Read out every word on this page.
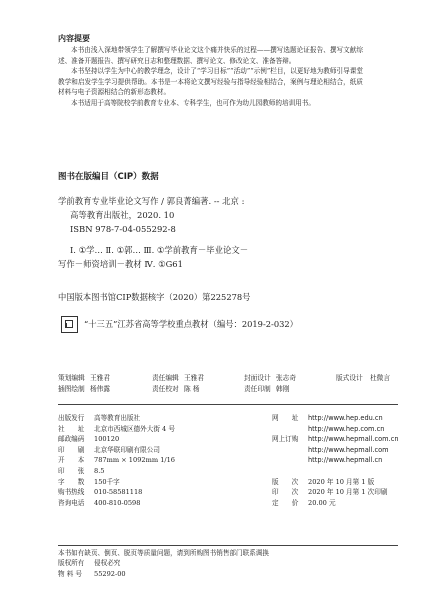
内容提要

本书由浅入深地带领学生了解撰写毕业论文这个痛并快乐的过程——撰写选题论证报告、撰写文献综述、准备开题报告、撰写研究日志和整理数据、撰写论文、修改论文、准备答辩。

本书坚持以学生为中心的教学理念，设计了“学习目标”“活动”“示例”栏目，以更好地为教师引导课堂教学和启发学生学习提供帮助。本书是一本将论文撰写经验与指导经验相结合，案例与理论相结合，纸质材料与电子资源相结合的新形态教材。

本书适用于高等院校学前教育专业本、专科学生，也可作为幼儿园教师的培训用书。

图书在版编目（CIP）数据
学前教育专业毕业论文写作 / 郭良菁编著. -- 北京 :
高等教育出版社，2020. 10
ISBN 978-7-04-055292-8
Ⅰ. ①学… Ⅱ. ①郭… Ⅲ. ①学前教育－毕业论文－
写作－师资培训－教材 Ⅳ. ①G61
中国版本图书馆CIP数据核字（2020）第225278号
“十三五”江苏省高等学校重点教材（编号：2019-2-032）
策划编辑 王雅君	责任编辑 王雅君	封面设计 张志奇	版式设计 杜微言
插图绘制 杨伟露	责任校对 陈 杨	责任印制 韩刚
出版发行 高等教育出版社	网　　址 http://www.hep.edu.cn
社　　址 北京市西城区德外大街 4 号	http://www.hep.com.cn
邮政编码 100120	网上订购 http://www.hepmall.com.cn
印　　刷 北京华联印刷有限公司	http://www.hepmall.com
开　　本 787mm × 1092mm 1/16	http://www.hepmall.cn
印　　张 8.5
字　　数 150千字	版　　次 2020 年 10 月第 1 版
购书热线 010-58581118	印　　次 2020 年 10 月第 1 次印刷
咨询电话 400-810-0598	定　　价 20.00 元
本书如有缺页、倒页、脱页等质量问题，请到所购图书销售部门联系调换
版权所有 侵权必究
物 料 号 55292-00
